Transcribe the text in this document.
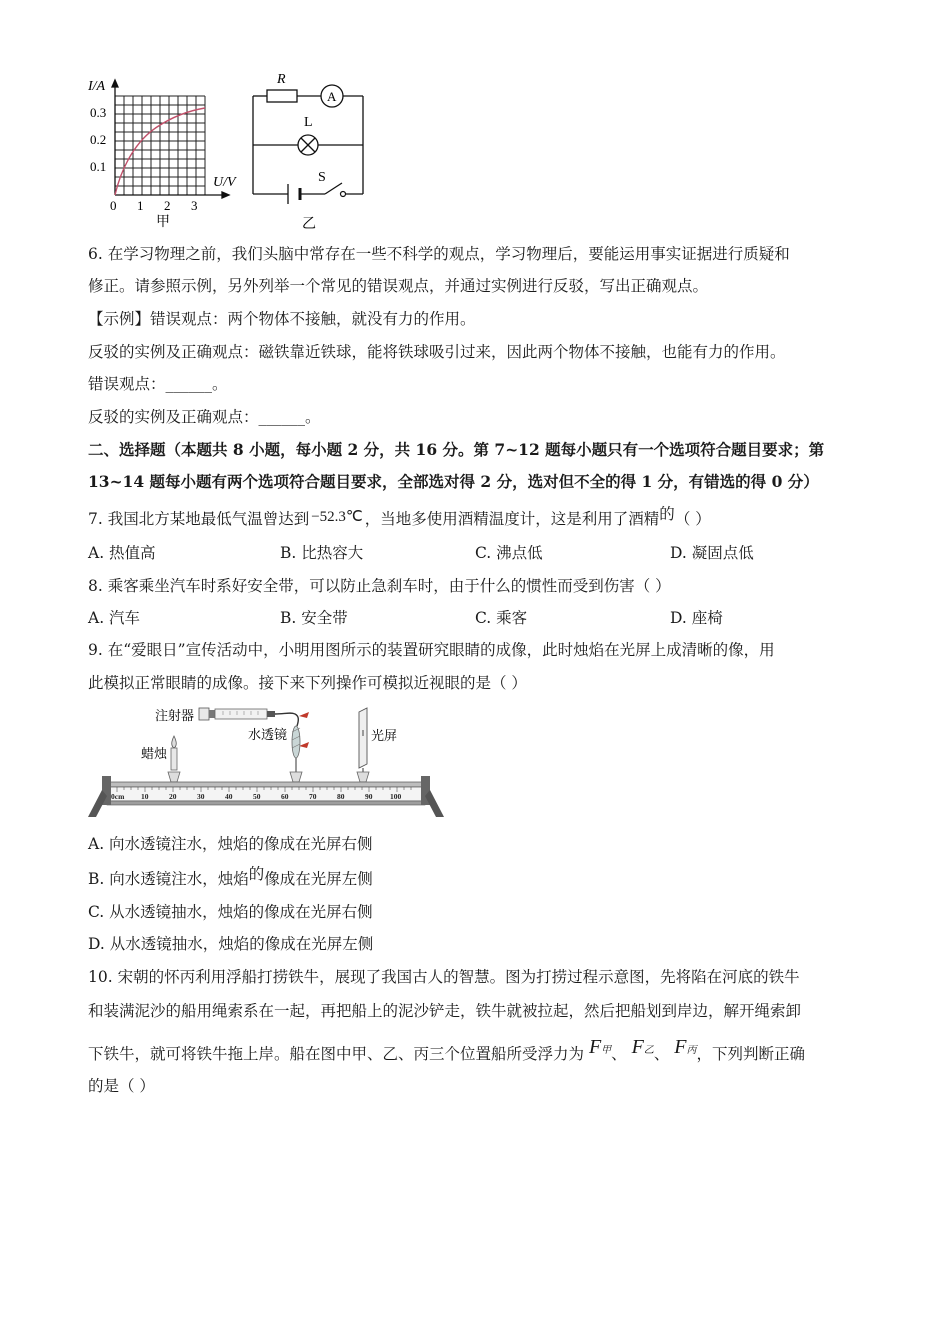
I/A
0.3
0.2
0.1
U/V
0 1 2 3
甲
R
A
L
S
乙
6. 在学习物理之前，我们头脑中常存在一些不科学的观点，学习物理后，要能运用事实证据进行质疑和
修正。请参照示例，另外列举一个常见的错误观点，并通过实例进行反驳，写出正确观点。
【示例】错误观点：两个物体不接触，就没有力的作用。
反驳的实例及正确观点：磁铁靠近铁球，能将铁球吸引过来，因此两个物体不接触，也能有力的作用。
错误观点：______。
反驳的实例及正确观点：______。
二、选择题（本题共 8 小题，每小题 2 分，共 16 分。第 7~12 题每小题只有一个选项符合题目要求；第
13~14 题每小题有两个选项符合题目要求，全部选对得 2 分，选对但不全的得 1 分，有错选的得 0 分）
7. 我国北方某地最低气温曾达到 −52.3℃ ，当地多使用酒精温度计，这是利用了酒精的（ ）
A. 热值高	B. 比热容大	C. 沸点低	D. 凝固点低
8. 乘客乘坐汽车时系好安全带，可以防止急刹车时，由于什么的惯性而受到伤害（ ）
A. 汽车	B. 安全带	C. 乘客	D. 座椅
9. 在“爱眼日”宣传活动中，小明用图所示的装置研究眼睛的成像，此时烛焰在光屏上成清晰的像，用
此模拟正常眼睛的成像。接下来下列操作可模拟近视眼的是（ ）
注射器
水透镜	光屏
蜡烛
0cm 10	20	30	40	50	60	70	80	90 100
A. 向水透镜注水，烛焰的像成在光屏右侧
B. 向水透镜注水，烛焰的像成在光屏左侧
C. 从水透镜抽水，烛焰的像成在光屏右侧
D. 从水透镜抽水，烛焰的像成在光屏左侧
10. 宋朝的怀丙利用浮船打捞铁牛，展现了我国古人的智慧。图为打捞过程示意图，先将陷在河底的铁牛
和装满泥沙的船用绳索系在一起，再把船上的泥沙铲走，铁牛就被拉起，然后把船划到岸边，解开绳索卸
下铁牛，就可将铁牛拖上岸。船在图中甲、乙、丙三个位置船所受浮力为 F甲、 F乙、 F丙，下列判断正确
的是（ ）
